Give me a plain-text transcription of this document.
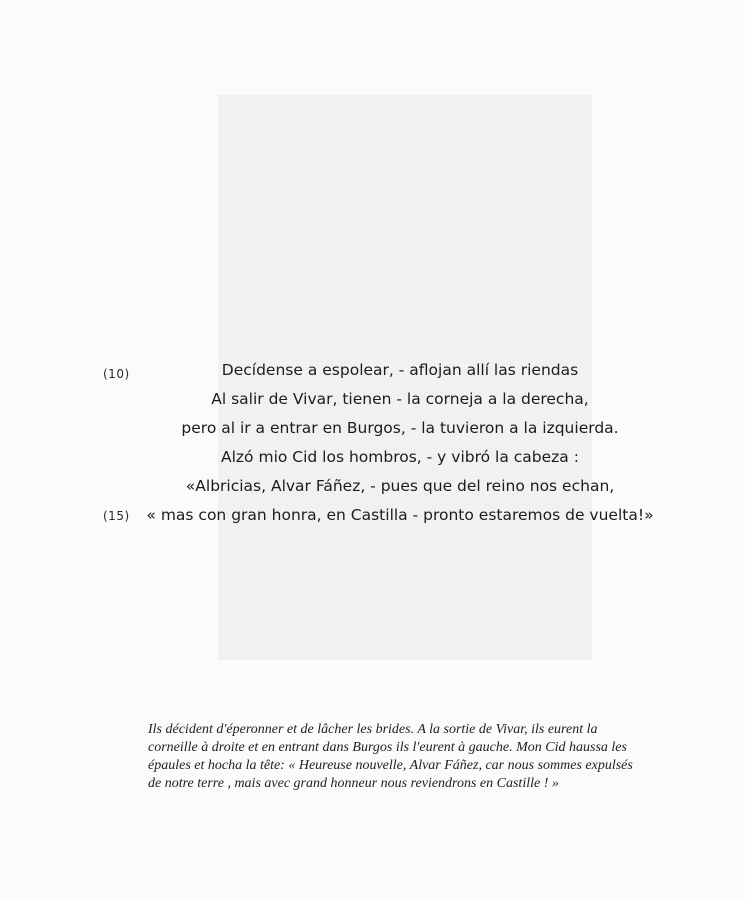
(10)
(15)
Decídense a espolear, - aflojan allí las riendas
Al salir de Vivar, tienen - la corneja a la derecha,
pero al ir a entrar en Burgos, - la tuvieron a la izquierda.
Alzó mio Cid los hombros, - y vibró la cabeza :
«Albricias, Alvar Fáñez, - pues que del reino nos echan,
« mas con gran honra, en Castilla - pronto estaremos de vuelta!»
Ils décident d'éperonner et de lâcher les brides. A la sortie de Vivar, ils eurent la
corneille à droite et en entrant dans Burgos ils l'eurent à gauche. Mon Cid haussa les
épaules et hocha la tête: « Heureuse nouvelle, Alvar Fáñez, car nous sommes expulsés
de notre terre , mais avec grand honneur nous reviendrons en Castille ! »
